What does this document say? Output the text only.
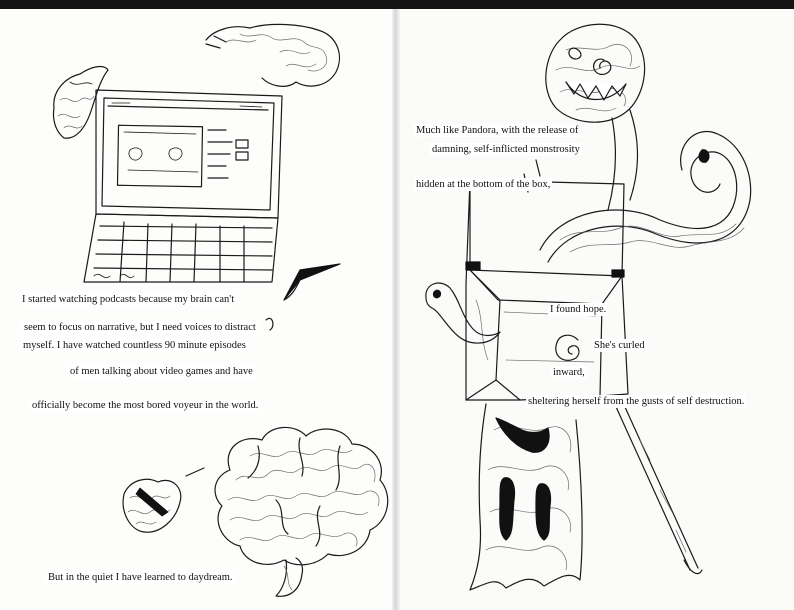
I started watching podcasts because my brain can't
seem to focus on narrative, but I need voices to distract
myself. I have watched countless 90 minute episodes
of men talking about video games and have
officially become the most bored voyeur in the world.
But in the quiet I have learned to daydream.
Much like Pandora, with the release of
damning, self-inflicted monstrosity
hidden at the bottom of the box,
I found hope.
She's curled
inward,
sheltering herself from the gusts of self destruction.
